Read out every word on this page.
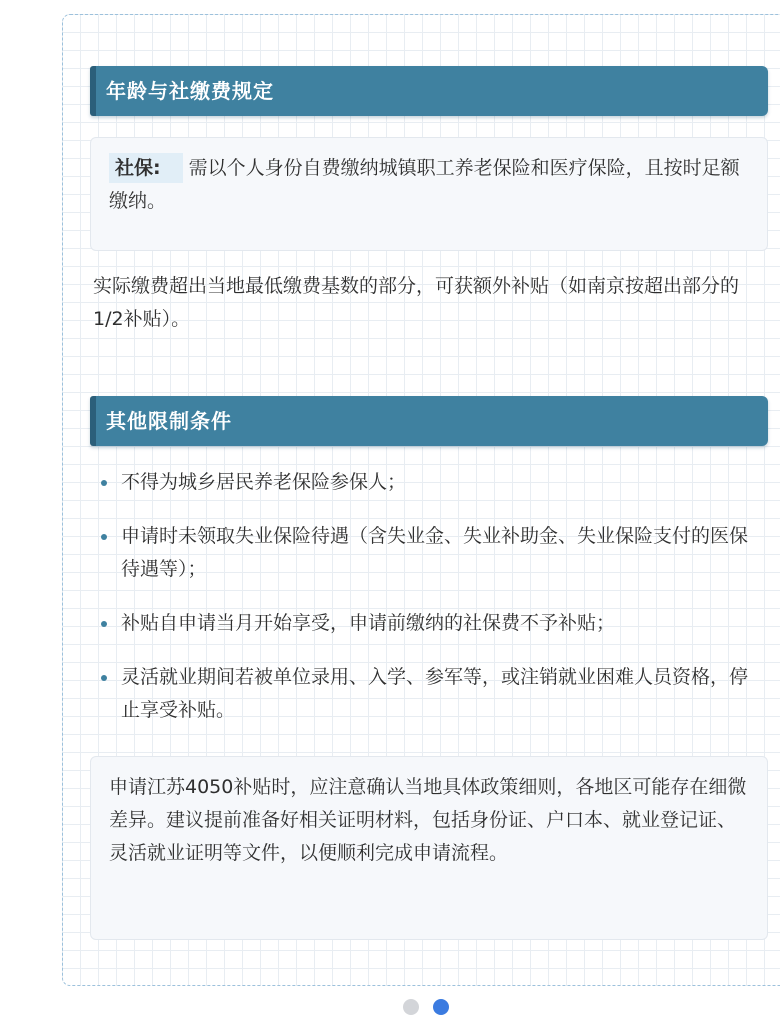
年龄与社缴费规定
社保: 需以个人身份自费缴纳城镇职工养老保险和医疗保险，且按时足额缴纳。
实际缴费超出当地最低缴费基数的部分，可获额外补贴（如南京按超出部分的1/2补贴）。
其他限制条件
不得为城乡居民养老保险参保人；
申请时未领取失业保险待遇（含失业金、失业补助金、失业保险支付的医保待遇等）；
补贴自申请当月开始享受，申请前缴纳的社保费不予补贴；
灵活就业期间若被单位录用、入学、参军等，或注销就业困难人员资格，停止享受补贴。
申请江苏4050补贴时，应注意确认当地具体政策细则，各地区可能存在细微差异。建议提前准备好相关证明材料，包括身份证、户口本、就业登记证、灵活就业证明等文件，以便顺利完成申请流程。
